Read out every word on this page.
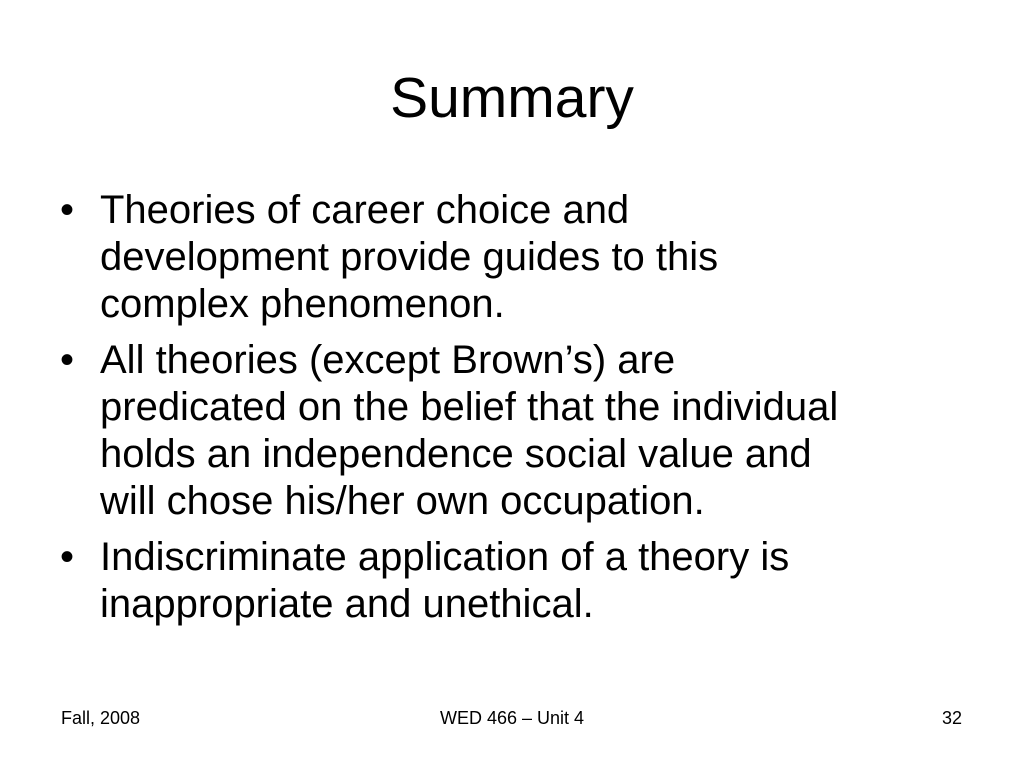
Summary
• Theories of career choice and
development provide guides to this
complex phenomenon.
• All theories (except Brown’s) are
predicated on the belief that the individual
holds an independence social value and
will chose his/her own occupation.
• Indiscriminate application of a theory is
inappropriate and unethical.
Fall, 2008	WED 466 – Unit 4	32
